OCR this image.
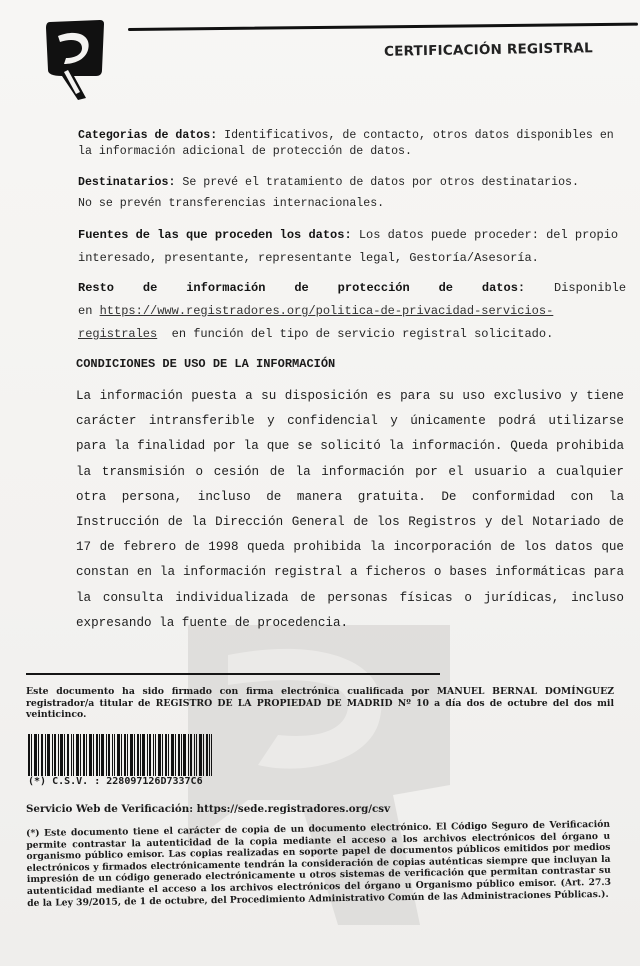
CERTIFICACIÓN REGISTRAL
Categorias de datos: Identificativos, de contacto, otros datos disponibles en la información adicional de protección de datos.
Destinatarios: Se prevé el tratamiento de datos por otros destinatarios.
No se prevén transferencias internacionales.
Fuentes de las que proceden los datos: Los datos puede proceder: del propio interesado, presentante, representante legal, Gestoría/Asesoría.
Resto de información de protección de datos: Disponible
en https://www.registradores.org/politica-de-privacidad-servicios-
registrales en función del tipo de servicio registral solicitado.
CONDICIONES DE USO DE LA INFORMACIÓN
La información puesta a su disposición es para su uso exclusivo y tiene carácter intransferible y confidencial y únicamente podrá utilizarse para la finalidad por la que se solicitó la información. Queda prohibida la transmisión o cesión de la información por el usuario a cualquier otra persona, incluso de manera gratuita. De conformidad con la Instrucción de la Dirección General de los Registros y del Notariado de 17 de febrero de 1998 queda prohibida la incorporación de los datos que constan en la información registral a ficheros o bases informáticas para la consulta individualizada de personas físicas o jurídicas, incluso expresando la fuente de procedencia.
Este documento ha sido firmado con firma electrónica cualificada por MANUEL BERNAL DOMÍNGUEZ registrador/a titular de REGISTRO DE LA PROPIEDAD DE MADRID Nº 10 a día dos de octubre del dos mil veinticinco.
(*) C.S.V. : 228097126D7337C6
Servicio Web de Verificación: https://sede.registradores.org/csv
(*) Este documento tiene el carácter de copia de un documento electrónico. El Código Seguro de Verificación permite contrastar la autenticidad de la copia mediante el acceso a los archivos electrónicos del órgano u organismo público emisor. Las copias realizadas en soporte papel de documentos públicos emitidos por medios electrónicos y firmados electrónicamente tendrán la consideración de copias auténticas siempre que incluyan la impresión de un código generado electrónicamente u otros sistemas de verificación que permitan contrastar su autenticidad mediante el acceso a los archivos electrónicos del órgano u Organismo público emisor. (Art. 27.3 de la Ley 39/2015, de 1 de octubre, del Procedimiento Administrativo Común de las Administraciones Públicas.).
